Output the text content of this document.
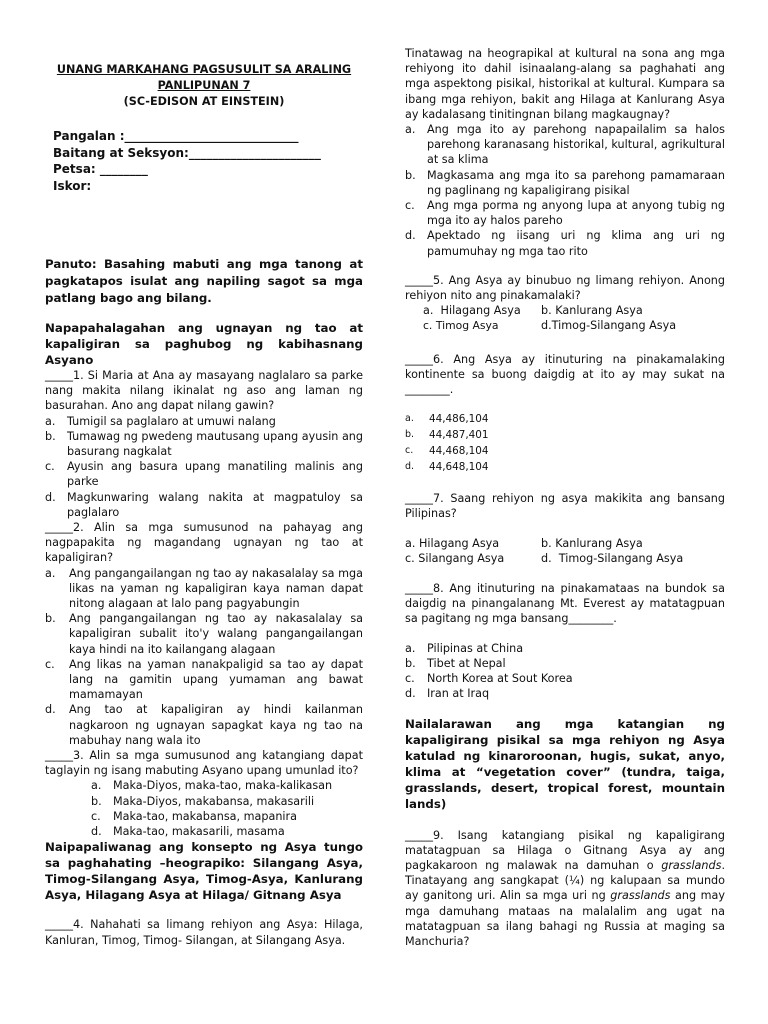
UNANG MARKAHANG PAGSUSULIT SA ARALING
PANLIPUNAN 7
(SC-EDISON AT EINSTEIN)
Pangalan :_____________________________
Baitang at Seksyon:______________________
Petsa: ________
Iskor:
Panuto: Basahing mabuti ang mga tanong at pagkatapos isulat ang napiling sagot sa mga patlang bago ang bilang.
Napapahalagahan ang ugnayan ng tao at kapaligiran sa paghubog ng kabihasnang Asyano
_____1. Si Maria at Ana ay masayang naglalaro sa parke nang makita nilang ikinalat ng aso ang laman ng basurahan. Ano ang dapat nilang gawin?
a. Tumigil sa paglalaro at umuwi nalang
b. Tumawag ng pwedeng mautusang upang ayusin ang basurang nagkalat
c. Ayusin ang basura upang manatiling malinis ang parke
d. Magkunwaring walang nakita at magpatuloy sa paglalaro
_____2. Alin sa mga sumusunod na pahayag ang nagpapakita ng magandang ugnayan ng tao at kapaligiran?
a. Ang pangangailangan ng tao ay nakasalalay sa mga likas na yaman ng kapaligiran kaya naman dapat nitong alagaan at lalo pang pagyabungin
b. Ang pangangailangan ng tao ay nakasalalay sa kapaligiran subalit ito'y walang pangangailangan kaya hindi na ito kailangang alagaan
c. Ang likas na yaman nanakpaligid sa tao ay dapat lang na gamitin upang yumaman ang bawat mamamayan
d. Ang tao at kapaligiran ay hindi kailanman nagkaroon ng ugnayan sapagkat kaya ng tao na mabuhay nang wala ito
_____3. Alin sa mga sumusunod ang katangiang dapat taglayin ng isang mabuting Asyano upang umunlad ito?
a. Maka-Diyos, maka-tao, maka-kalikasan
b. Maka-Diyos, makabansa, makasarili
c. Maka-tao, makabansa, mapanira
d. Maka-tao, makasarili, masama
Naipapaliwanag ang konsepto ng Asya tungo sa paghahating –heograpiko: Silangang Asya, Timog-Silangang Asya, Timog-Asya, Kanlurang Asya, Hilagang Asya at Hilaga/ Gitnang Asya
_____4. Nahahati sa limang rehiyon ang Asya: Hilaga, Kanluran, Timog, Timog- Silangan, at Silangang Asya.
Tinatawag na heograpikal at kultural na sona ang mga rehiyong ito dahil isinaalang-alang sa paghahati ang mga aspektong pisikal, historikal at kultural. Kumpara sa ibang mga rehiyon, bakit ang Hilaga at Kanlurang Asya ay kadalasang tinitingnan bilang magkaugnay?
a. Ang mga ito ay parehong napapailalim sa halos parehong karanasang historikal, kultural, agrikultural at sa klima
b. Magkasama ang mga ito sa parehong pamamaraan ng paglinang ng kapaligirang pisikal
c. Ang mga porma ng anyong lupa at anyong tubig ng mga ito ay halos pareho
d. Apektado ng iisang uri ng klima ang uri ng pamumuhay ng mga tao rito
_____5. Ang Asya ay binubuo ng limang rehiyon. Anong rehiyon nito ang pinakamalaki?
a. Hilagang Asya	b. Kanlurang Asya
c. Timog Asya	d.Timog-Silangang Asya
_____6. Ang Asya ay itinuturing na pinakamalaking kontinente sa buong daigdig at ito ay may sukat na ________.
a. 44,486,104
b. 44,487,401
c. 44,468,104
d. 44,648,104
_____7. Saang rehiyon ng asya makikita ang bansang Pilipinas?
a. Hilagang Asya	b. Kanlurang Asya
c. Silangang Asya	d. Timog-Silangang Asya
_____8. Ang itinuturing na pinakamataas na bundok sa daigdig na pinangalanang Mt. Everest ay matatagpuan sa pagitang ng mga bansang________.
a. Pilipinas at China
b. Tibet at Nepal
c. North Korea at Sout Korea
d. Iran at Iraq
Nailalarawan ang mga katangian ng kapaligirang pisikal sa mga rehiyon ng Asya katulad ng kinaroroonan, hugis, sukat, anyo, klima at “vegetation cover” (tundra, taiga, grasslands, desert, tropical forest, mountain lands)
_____9. Isang katangiang pisikal ng kapaligirang matatagpuan sa Hilaga o Gitnang Asya ay ang pagkakaroon ng malawak na damuhan o grasslands. Tinatayang ang sangkapat (¼) ng kalupaan sa mundo ay ganitong uri. Alin sa mga uri ng grasslands ang may mga damuhang mataas na malalalim ang ugat na matatagpuan sa ilang bahagi ng Russia at maging sa Manchuria?
